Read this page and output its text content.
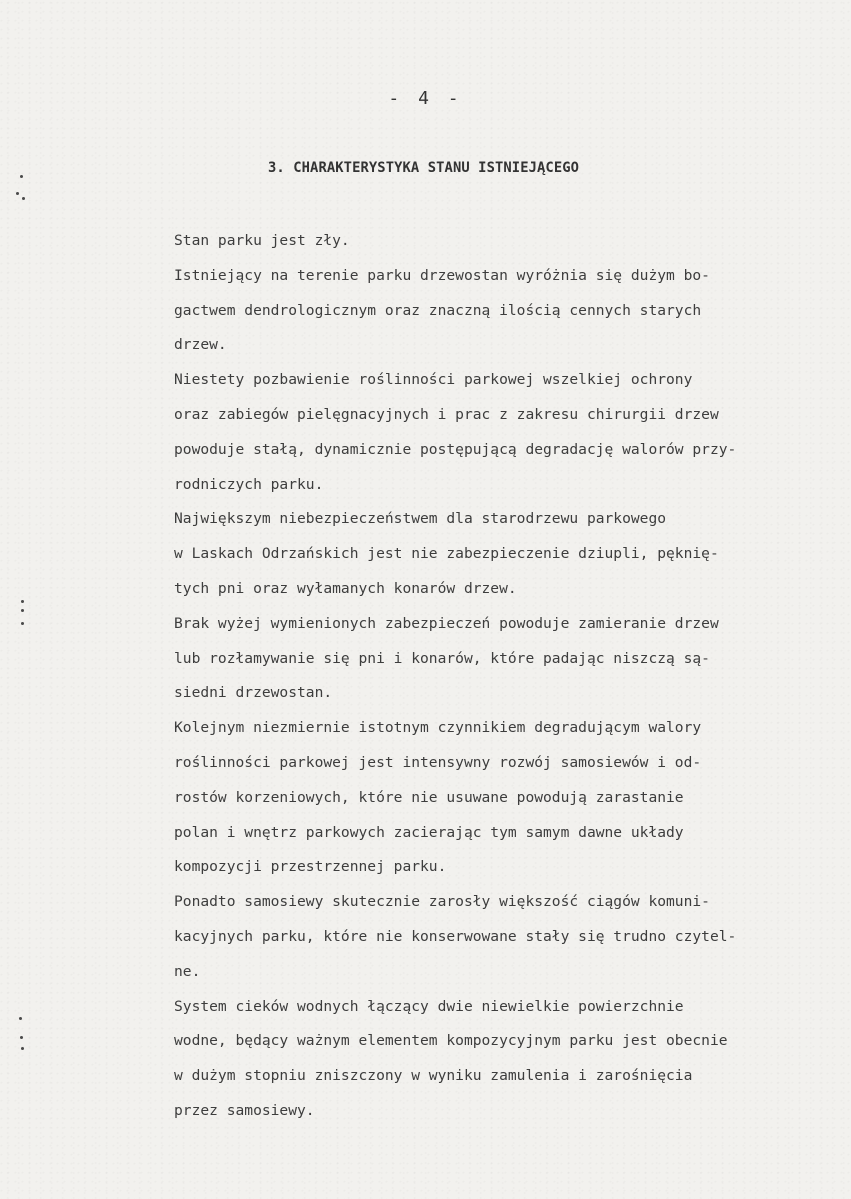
- 4 -
3. CHARAKTERYSTYKA STANU ISTNIEJĄCEGO
Stan parku jest zły.
Istniejący na terenie parku drzewostan wyróżnia się dużym bo-
gactwem dendrologicznym oraz znaczną ilością cennych starych
drzew.
Niestety pozbawienie roślinności parkowej wszelkiej ochrony
oraz zabiegów pielęgnacyjnych i prac z zakresu chirurgii drzew
powoduje stałą, dynamicznie postępującą degradację walorów przy-
rodniczych parku.
Największym niebezpieczeństwem dla starodrzewu parkowego
w Laskach Odrzańskich jest nie zabezpieczenie dziupli, pęknię-
tych pni oraz wyłamanych konarów drzew.
Brak wyżej wymienionych zabezpieczeń powoduje zamieranie drzew
lub rozłamywanie się pni i konarów, które padając niszczą są-
siedni drzewostan.
Kolejnym niezmiernie istotnym czynnikiem degradującym walory
roślinności parkowej jest intensywny rozwój samosiewów i od-
rostów korzeniowych, które nie usuwane powodują zarastanie
polan i wnętrz parkowych zacierając tym samym dawne układy
kompozycji przestrzennej parku.
Ponadto samosiewy skutecznie zarosły większość ciągów komuni-
kacyjnych parku, które nie konserwowane stały się trudno czytel-
ne.
System cieków wodnych łączący dwie niewielkie powierzchnie
wodne, będący ważnym elementem kompozycyjnym parku jest obecnie
w dużym stopniu zniszczony w wyniku zamulenia i zarośnięcia
przez samosiewy.
